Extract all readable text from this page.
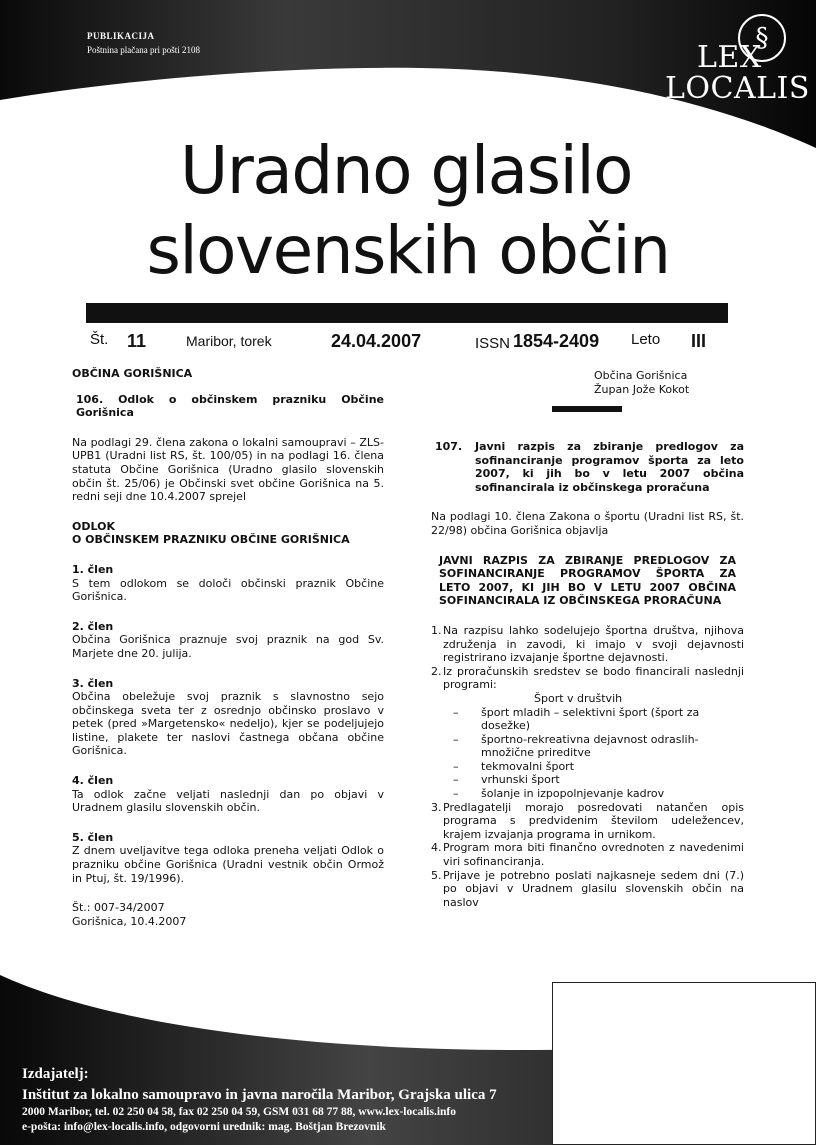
PUBLIKACIJA
Poštnina plačana pri pošti 2108	§
LEX
LOCALIS
Uradno glasilo
slovenskih občin
Št. 11	Maribor, torek	24.04.2007	ISSN 1854-2409 Leto III

OBČINA GORIŠNICA

106. Odlok o občinskem prazniku Občine Gorišnica

Na podlagi 29. člena zakona o lokalni samoupravi – ZLS-UPB1 (Uradni list RS, št. 100/05) in na podlagi 16. člena statuta Občine Gorišnica (Uradno glasilo slovenskih občin št. 25/06) je Občinski svet občine Gorišnica na 5. redni seji dne 10.4.2007 sprejel

ODLOK

O OBČINSKEM PRAZNIKU OBČINE GORIŠNICA

1. člen

S tem odlokom se določi občinski praznik Občine Gorišnica.

2. člen

Občina Gorišnica praznuje svoj praznik na god Sv. Marjete dne 20. julija.

3. člen

Občina obeležuje svoj praznik s slavnostno sejo občinskega sveta ter z osrednjo občinsko proslavo v petek (pred »Margetensko« nedeljo), kjer se podeljujejo listine, plakete ter naslovi častnega občana občine Gorišnica.

4. člen

Ta odlok začne veljati naslednji dan po objavi v Uradnem glasilu slovenskih občin.

5. člen

Z dnem uveljavitve tega odloka preneha veljati Odlok o prazniku občine Gorišnica (Uradni vestnik občin Ormož in Ptuj, št. 19/1996).

Št.: 007-34/2007

Gorišnica, 10.4.2007

Občina Gorišnica

Župan Jože Kokot

107.	Javni razpis za zbiranje predlogov za sofinanciranje programov športa za leto 2007, ki jih bo v letu 2007 občina sofinancirala iz občinskega proračuna

Na podlagi 10. člena Zakona o športu (Uradni list RS, št. 22/98) občina Gorišnica objavlja

JAVNI RAZPIS ZA ZBIRANJE PREDLOGOV ZA SOFINANCIRANJE PROGRAMOV ŠPORTA ZA LETO 2007, KI JIH BO V LETU 2007 OBČINA SOFINANCIRALA IZ OBČINSKEGA PRORAČUNA

1. Na razpisu lahko sodelujejo športna društva, njihova združenja in zavodi, ki imajo v svoji dejavnosti registrirano izvajanje športne dejavnosti.
2. Iz proračunskih sredstev se bodo financirali naslednji programi:
Šport v društvih
–	šport mladih – selektivni šport (šport za dosežke)
–	športno-rekreativna dejavnost odraslih-množične prireditve
–	tekmovalni šport
–	vrhunski šport
–	šolanje in izpopolnjevanje kadrov
3. Predlagatelji morajo posredovati natančen opis programa s predvidenim številom udeležencev, krajem izvajanja programa in urnikom.
4. Program mora biti finančno ovrednoten z navedenimi viri sofinanciranja.
5. Prijave je potrebno poslati najkasneje sedem dni (7.) po objavi v Uradnem glasilu slovenskih občin na naslov
Izdajatelj:
Inštitut za lokalno samoupravo in javna naročila Maribor, Grajska ulica 7
2000 Maribor, tel. 02 250 04 58, fax 02 250 04 59, GSM 031 68 77 88, www.lex-localis.info
e-pošta: info@lex-localis.info, odgovorni urednik: mag. Boštjan Brezovnik
